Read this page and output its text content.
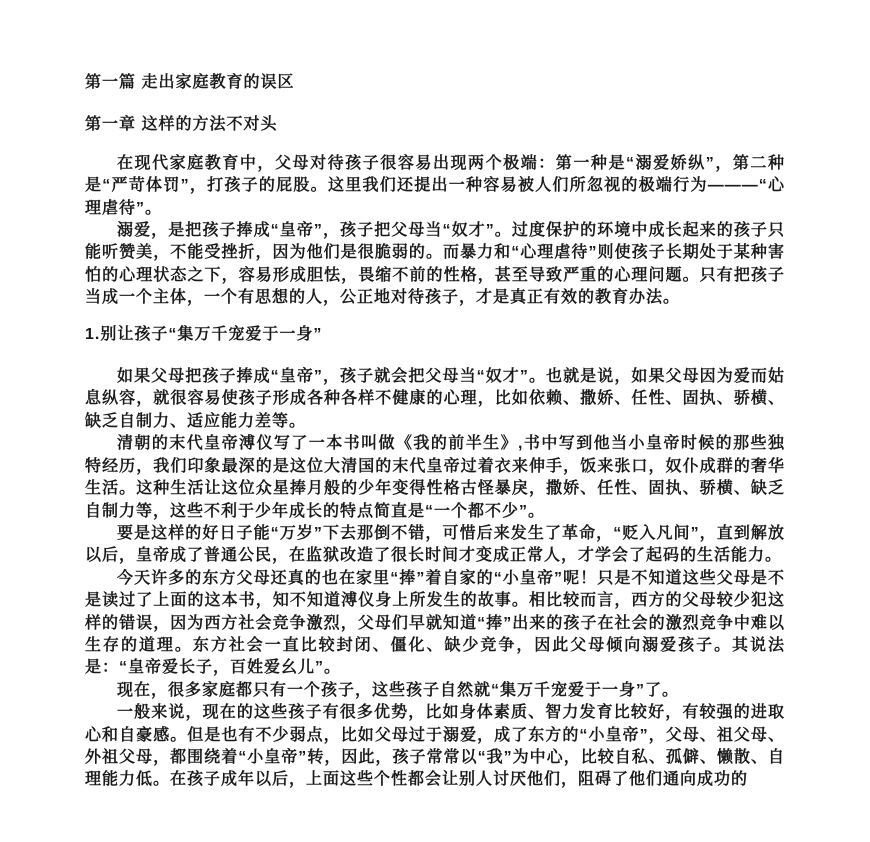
第一篇 走出家庭教育的误区
第一章 这样的方法不对头

在现代家庭教育中，父母对待孩子很容易出现两个极端：第一种是“溺爱娇纵”，第二种是“严苛体罚”，打孩子的屁股。这里我们还提出一种容易被人们所忽视的极端行为———“心理虐待”。

溺爱，是把孩子捧成“皇帝”，孩子把父母当“奴才”。过度保护的环境中成长起来的孩子只能听赞美，不能受挫折，因为他们是很脆弱的。而暴力和“心理虐待”则使孩子长期处于某种害怕的心理状态之下，容易形成胆怯，畏缩不前的性格，甚至导致严重的心理问题。只有把孩子当成一个主体，一个有思想的人，公正地对待孩子，才是真正有效的教育办法。

1.别让孩子“集万千宠爱于一身”

如果父母把孩子捧成“皇帝”，孩子就会把父母当“奴才”。也就是说，如果父母因为爱而姑息纵容，就很容易使孩子形成各种各样不健康的心理，比如依赖、撒娇、任性、固执、骄横、缺乏自制力、适应能力差等。

清朝的末代皇帝溥仪写了一本书叫做《我的前半生》,书中写到他当小皇帝时候的那些独特经历，我们印象最深的是这位大清国的末代皇帝过着衣来伸手，饭来张口，奴仆成群的奢华生活。这种生活让这位众星捧月般的少年变得性格古怪暴戾，撒娇、任性、固执、骄横、缺乏自制力等，这些不利于少年成长的特点简直是“一个都不少”。

要是这样的好日子能“万岁”下去那倒不错，可惜后来发生了革命，“贬入凡间”，直到解放以后，皇帝成了普通公民，在监狱改造了很长时间才变成正常人，才学会了起码的生活能力。

今天许多的东方父母还真的也在家里“捧”着自家的“小皇帝”呢！只是不知道这些父母是不是读过了上面的这本书，知不知道溥仪身上所发生的故事。相比较而言，西方的父母较少犯这样的错误，因为西方社会竞争激烈，父母们早就知道“捧”出来的孩子在社会的激烈竞争中难以生存的道理。东方社会一直比较封闭、僵化、缺少竞争，因此父母倾向溺爱孩子。其说法是：“皇帝爱长子，百姓爱幺儿”。

现在，很多家庭都只有一个孩子，这些孩子自然就“集万千宠爱于一身”了。

一般来说，现在的这些孩子有很多优势，比如身体素质、智力发育比较好，有较强的进取心和自豪感。但是也有不少弱点，比如父母过于溺爱，成了东方的“小皇帝”，父母、祖父母、外祖父母，都围绕着“小皇帝”转，因此，孩子常常以“我”为中心，比较自私、孤僻、懒散、自理能力低。在孩子成年以后，上面这些个性都会让别人讨厌他们，阻碍了他们通向成功的
